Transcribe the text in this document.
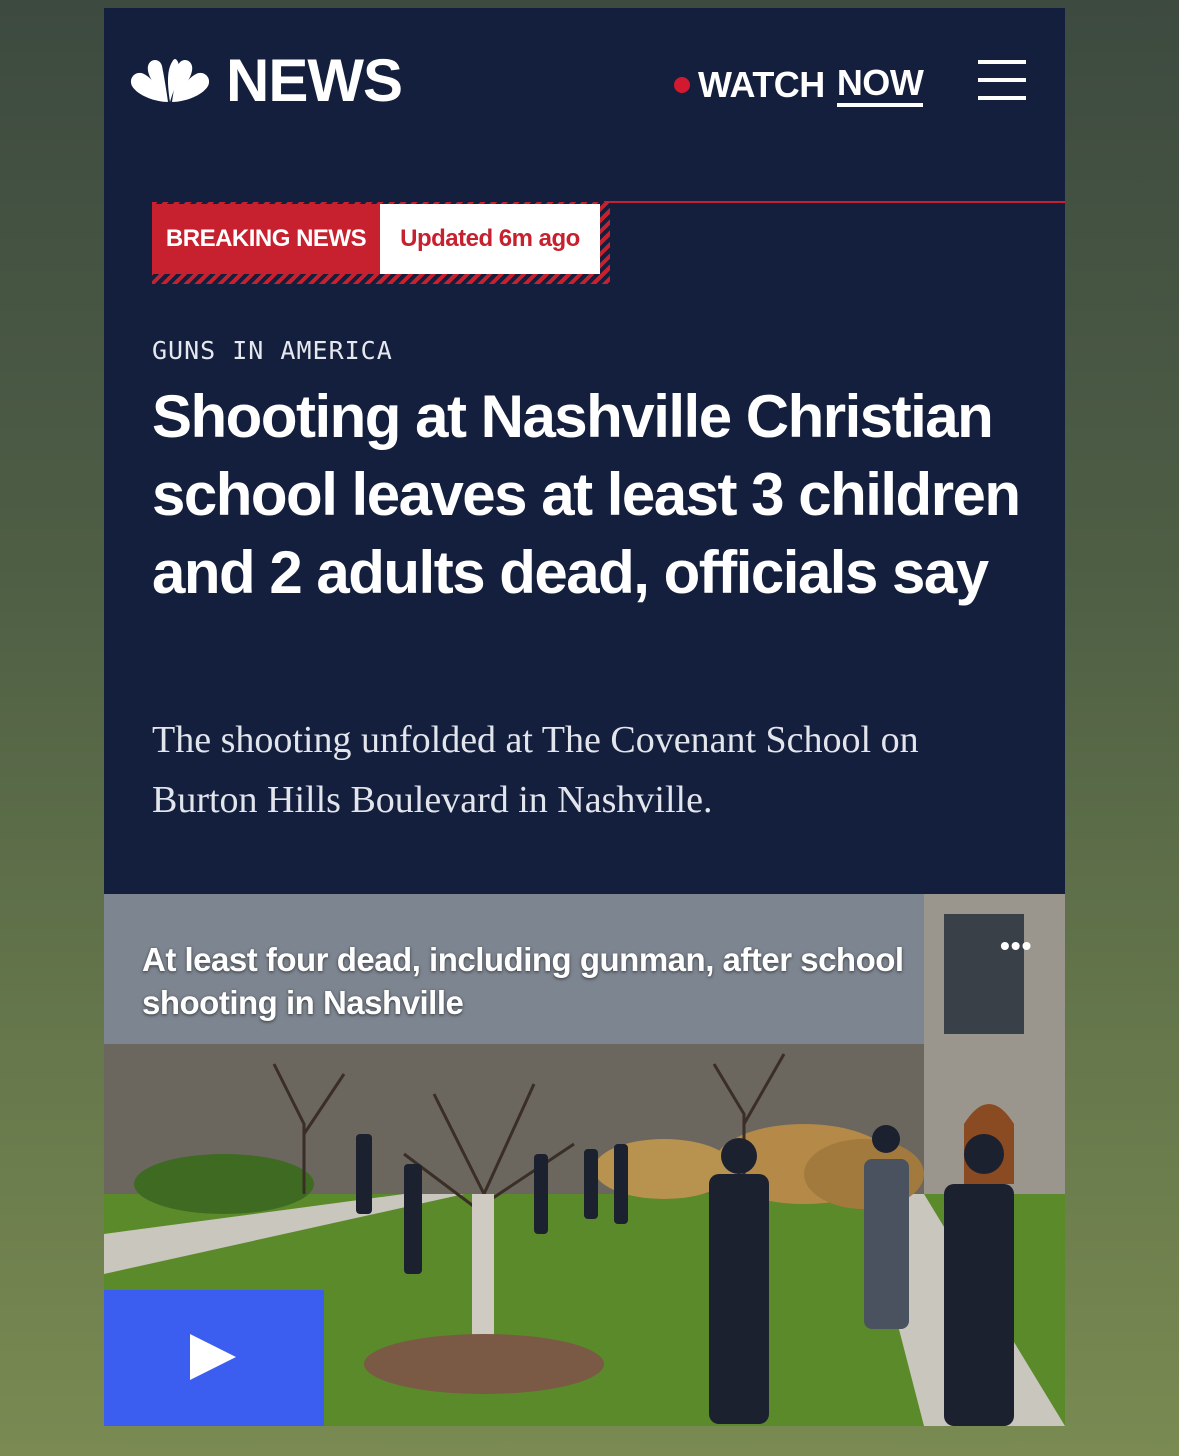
NEWS	WATCH NOW
BREAKING NEWS	Updated 6m ago
GUNS IN AMERICA
Shooting at Nashville Christian school leaves at least 3 children and 2 adults dead, officials say

The shooting unfolded at The Covenant School on Burton Hills Boulevard in Nashville.

At least four dead, including gunman, after school shooting in Nashville
•••
